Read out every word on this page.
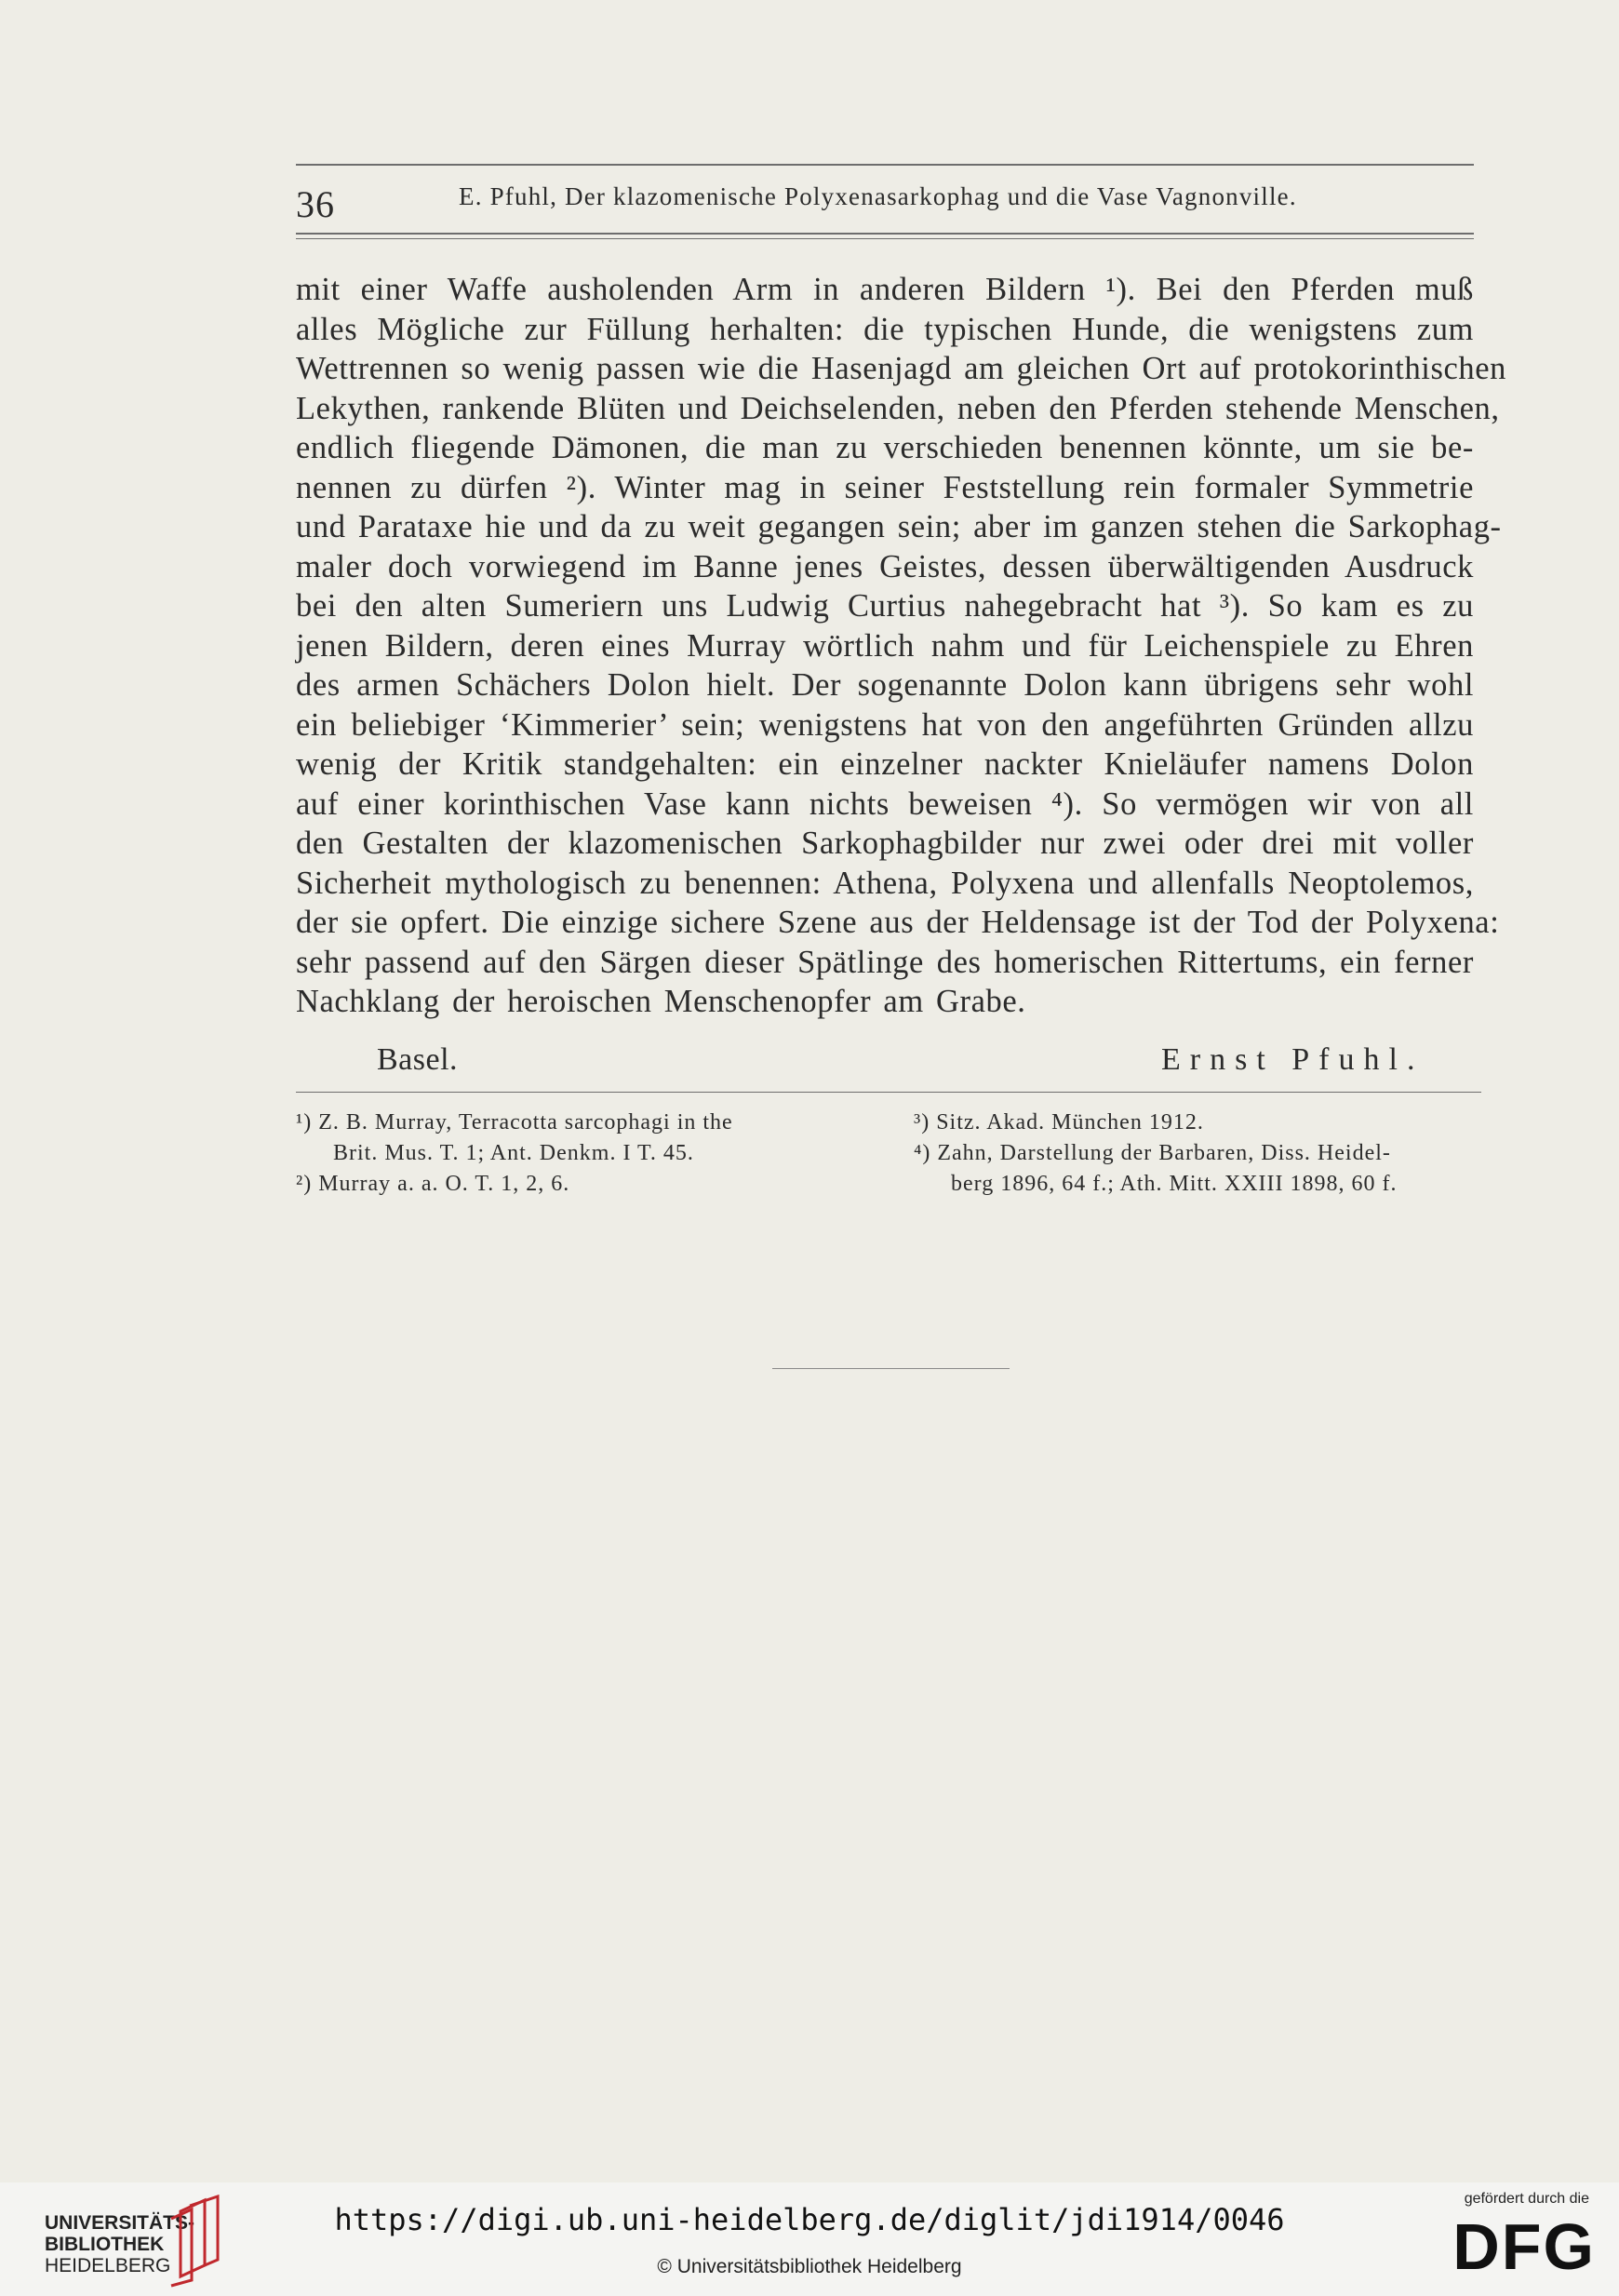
36	E. Pfuhl, Der klazomenische Polyxenasarkophag und die Vase Vagnonville.
mit einer Waffe ausholenden Arm in anderen Bildern ¹). Bei den Pferden muß
alles Mögliche zur Füllung herhalten: die typischen Hunde, die wenigstens zum
Wettrennen so wenig passen wie die Hasenjagd am gleichen Ort auf protokorinthischen
Lekythen, rankende Blüten und Deichselenden, neben den Pferden stehende Menschen,
endlich fliegende Dämonen, die man zu verschieden benennen könnte, um sie be-
nennen zu dürfen ²). Winter mag in seiner Feststellung rein formaler Symmetrie
und Parataxe hie und da zu weit gegangen sein; aber im ganzen stehen die Sarkophag-
maler doch vorwiegend im Banne jenes Geistes, dessen überwältigenden Ausdruck
bei den alten Sumeriern uns Ludwig Curtius nahegebracht hat ³). So kam es zu
jenen Bildern, deren eines Murray wörtlich nahm und für Leichenspiele zu Ehren
des armen Schächers Dolon hielt. Der sogenannte Dolon kann übrigens sehr wohl
ein beliebiger ‘Kimmerier’ sein; wenigstens hat von den angeführten Gründen allzu
wenig der Kritik standgehalten: ein einzelner nackter Knieläufer namens Dolon
auf einer korinthischen Vase kann nichts beweisen ⁴). So vermögen wir von all
den Gestalten der klazomenischen Sarkophagbilder nur zwei oder drei mit voller
Sicherheit mythologisch zu benennen: Athena, Polyxena und allenfalls Neoptolemos,
der sie opfert. Die einzige sichere Szene aus der Heldensage ist der Tod der Polyxena:
sehr passend auf den Särgen dieser Spätlinge des homerischen Rittertums, ein ferner
Nachklang der heroischen Menschenopfer am Grabe.
Basel.	Ernst Pfuhl.
¹) Z. B. Murray, Terracotta sarcophagi in the
Brit. Mus. T. 1; Ant. Denkm. I T. 45.
²) Murray a. a. O. T. 1, 2, 6.
³) Sitz. Akad. München 1912.
⁴) Zahn, Darstellung der Barbaren, Diss. Heidel-
berg 1896, 64 f.; Ath. Mitt. XXIII 1898, 60 f.
UNIVERSITÄTS-
BIBLIOTHEK
HEIDELBERG
https://digi.ub.uni-heidelberg.de/diglit/jdi1914/0046
© Universitätsbibliothek Heidelberg
gefördert durch die
DFG
